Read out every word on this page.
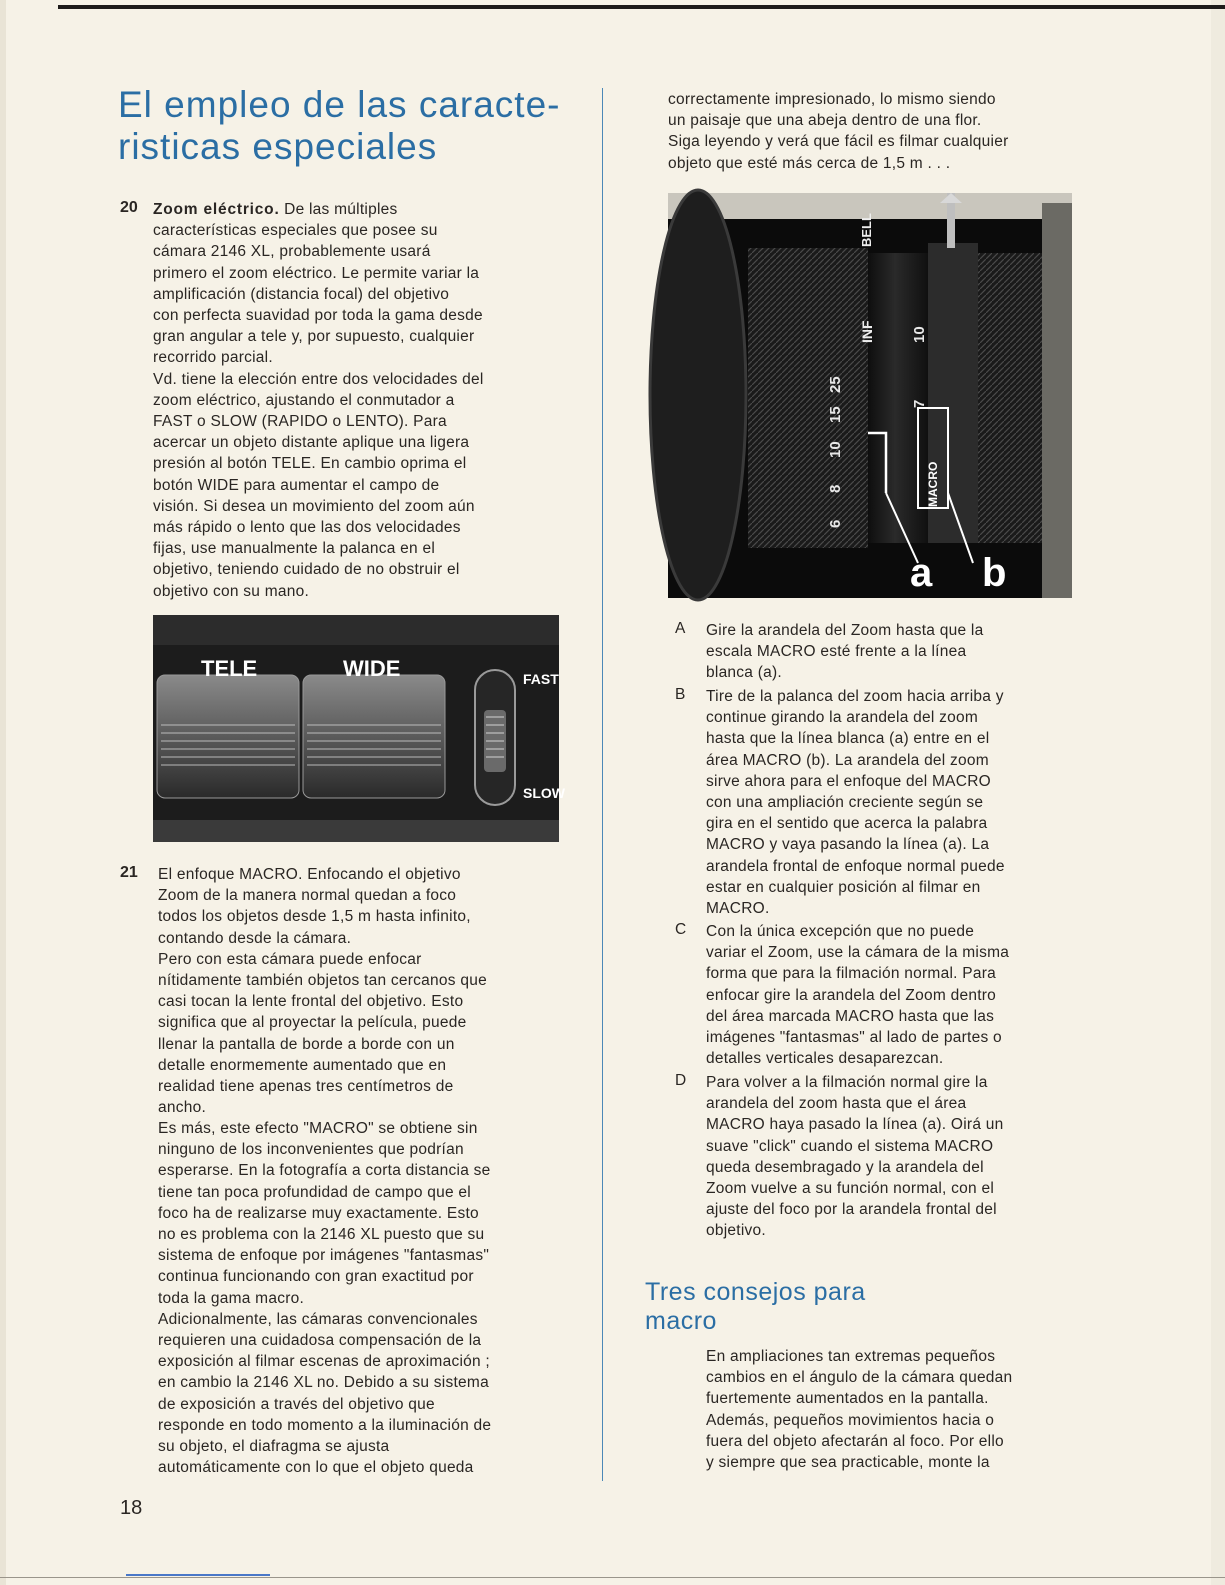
El empleo de las caracte-
risticas especiales
20 Zoom eléctrico. De las múltiples
características especiales que posee su
cámara 2146 XL, probablemente usará
primero el zoom eléctrico. Le permite variar la
amplificación (distancia focal) del objetivo
con perfecta suavidad por toda la gama desde
gran angular a tele y, por supuesto, cualquier
recorrido parcial.
Vd. tiene la elección entre dos velocidades del
zoom eléctrico, ajustando el conmutador a
FAST o SLOW (RAPIDO o LENTO). Para
acercar un objeto distante aplique una ligera
presión al botón TELE. En cambio oprima el
botón WIDE para aumentar el campo de
visión. Si desea un movimiento del zoom aún
más rápido o lento que las dos velocidades
fijas, use manualmente la palanca en el
objetivo, teniendo cuidado de no obstruir el
objetivo con su mano.

TELE	WIDE	FAST
SLOW
21 El enfoque MACRO. Enfocando el objetivo
Zoom de la manera normal quedan a foco
todos los objetos desde 1,5 m hasta infinito,
contando desde la cámara.
Pero con esta cámara puede enfocar
nítidamente también objetos tan cercanos que
casi tocan la lente frontal del objetivo. Esto
significa que al proyectar la película, puede
llenar la pantalla de borde a borde con un
detalle enormemente aumentado que en
realidad tiene apenas tres centímetros de
ancho.

Es más, este efecto "MACRO" se obtiene sin
ninguno de los inconvenientes que podrían
esperarse. En la fotografía a corta distancia se
tiene tan poca profundidad de campo que el
foco ha de realizarse muy exactamente. Esto
no es problema con la 2146 XL puesto que su
sistema de enfoque por imágenes "fantasmas"
continua funcionando con gran exactitud por
toda la gama macro.
Adicionalmente, las cámaras convencionales
requieren una cuidadosa compensación de la
exposición al filmar escenas de aproximación ;
en cambio la 2146 XL no. Debido a su sistema
de exposición a través del objetivo que
responde en todo momento a la iluminación de
su objeto, el diafragma se ajusta
automáticamente con lo que el objeto queda

18

correctamente impresionado, lo mismo siendo
un paisaje que una abeja dentro de una flor.
Siga leyendo y verá que fácil es filmar cualquier
objeto que esté más cerca de 1,5 m . . .

25
15
10
8
6
10
7
BELL
INF
MACRO
a b
A Gire la arandela del Zoom hasta que la
escala MACRO esté frente a la línea
blanca (a).

B Tire de la palanca del zoom hacia arriba y
continue girando la arandela del zoom
hasta que la línea blanca (a) entre en el
área MACRO (b). La arandela del zoom
sirve ahora para el enfoque del MACRO
con una ampliación creciente según se
gira en el sentido que acerca la palabra
MACRO y vaya pasando la línea (a). La
arandela frontal de enfoque normal puede
estar en cualquier posición al filmar en
MACRO.

C Con la única excepción que no puede
variar el Zoom, use la cámara de la misma
forma que para la filmación normal. Para
enfocar gire la arandela del Zoom dentro
del área marcada MACRO hasta que las
imágenes "fantasmas" al lado de partes o
detalles verticales desaparezcan.

D Para volver a la filmación normal gire la
arandela del zoom hasta que el área
MACRO haya pasado la línea (a). Oirá un
suave "click" cuando el sistema MACRO
queda desembragado y la arandela del
Zoom vuelve a su función normal, con el
ajuste del foco por la arandela frontal del
objetivo.

Tres consejos para
macro

En ampliaciones tan extremas pequeños
cambios en el ángulo de la cámara quedan
fuertemente aumentados en la pantalla.
Además, pequeños movimientos hacia o
fuera del objeto afectarán al foco. Por ello
y siempre que sea practicable, monte la
